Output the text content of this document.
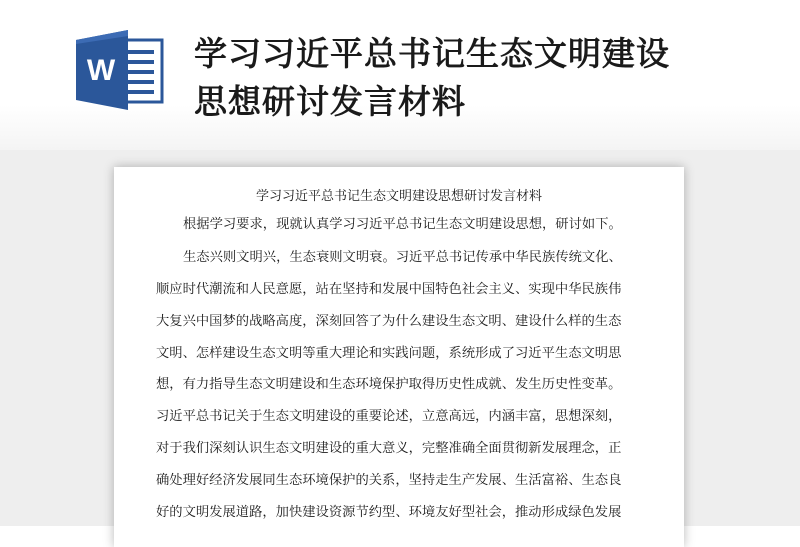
W 学习习近平总书记生态文明建设
思想研讨发言材料
学习习近平总书记生态文明建设思想研讨发言材料
根据学习要求，现就认真学习习近平总书记生态文明建设思想，研讨如下。
生态兴则文明兴，生态衰则文明衰。习近平总书记传承中华民族传统文化、
顺应时代潮流和人民意愿，站在坚持和发展中国特色社会主义、实现中华民族伟
大复兴中国梦的战略高度，深刻回答了为什么建设生态文明、建设什么样的生态
文明、怎样建设生态文明等重大理论和实践问题，系统形成了习近平生态文明思
想，有力指导生态文明建设和生态环境保护取得历史性成就、发生历史性变革。
习近平总书记关于生态文明建设的重要论述，立意高远，内涵丰富，思想深刻，
对于我们深刻认识生态文明建设的重大意义，完整准确全面贯彻新发展理念，正
确处理好经济发展同生态环境保护的关系，坚持走生产发展、生活富裕、生态良
好的文明发展道路，加快建设资源节约型、环境友好型社会，推动形成绿色发展
